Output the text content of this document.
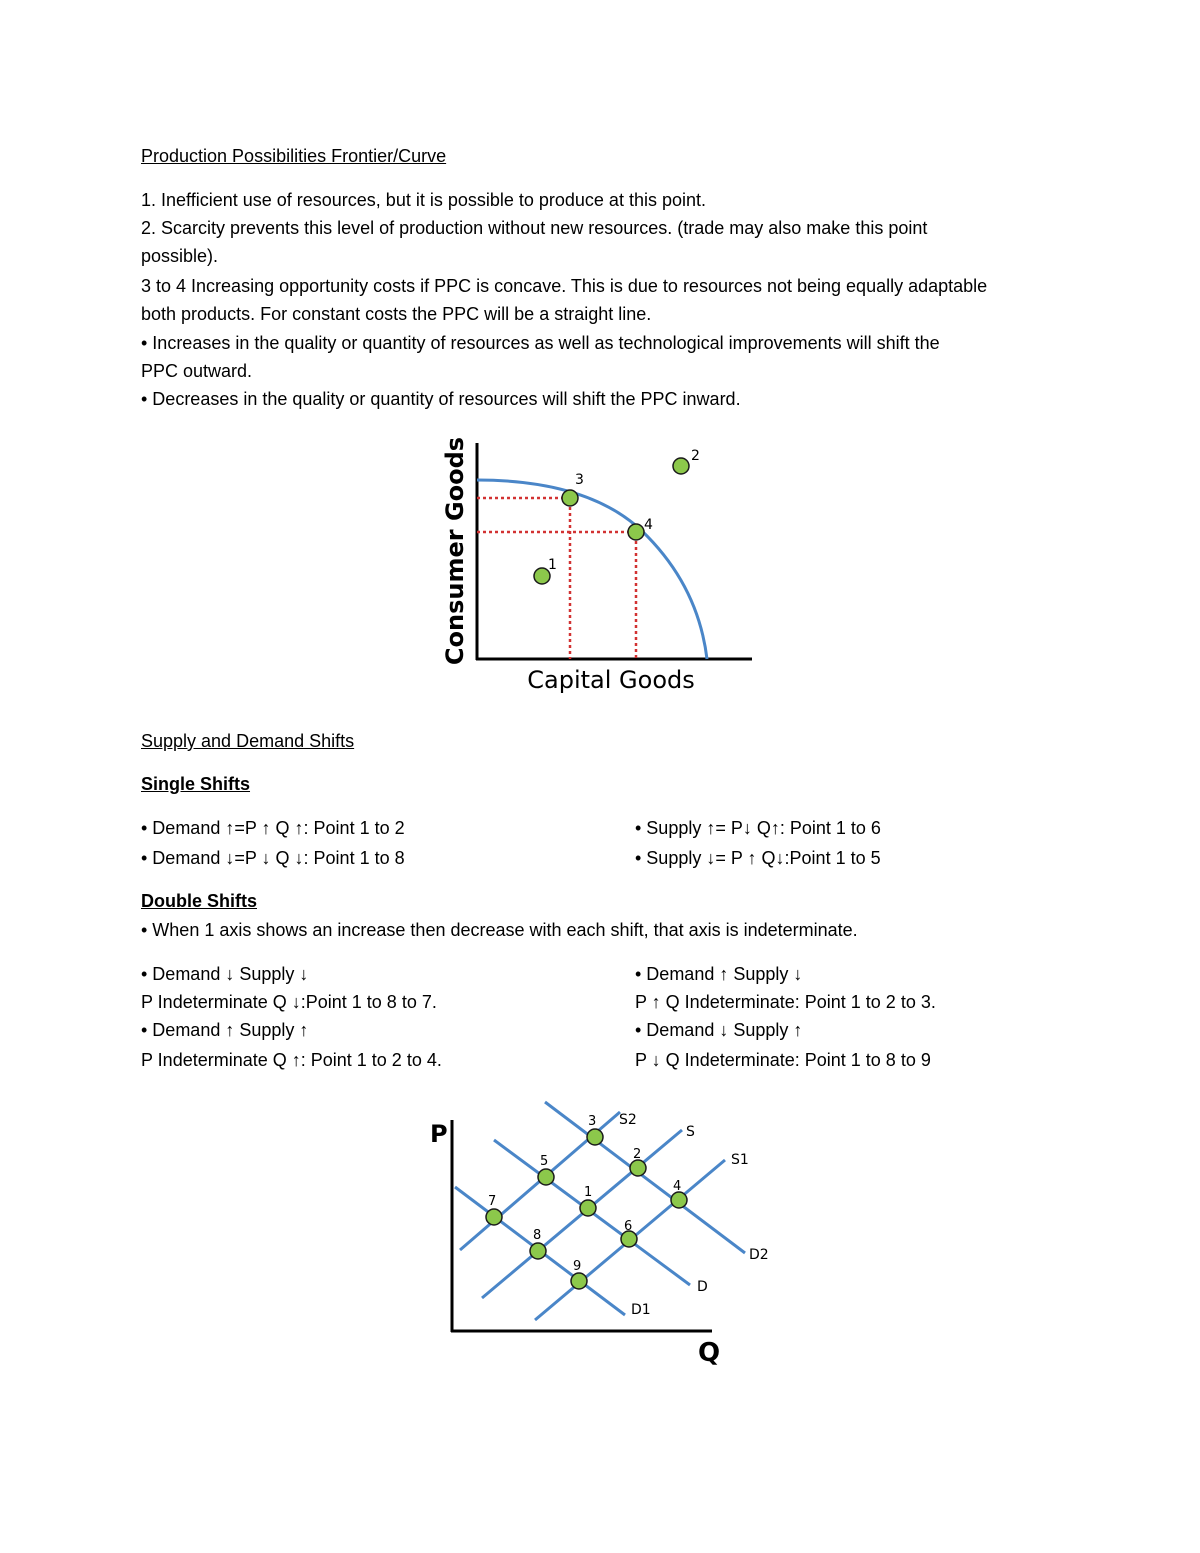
Production Possibilities Frontier/Curve
1. Inefficient use of resources, but it is possible to produce at this point.
2. Scarcity prevents this level of production without new resources. (trade may also make this point
possible).
3 to 4 Increasing opportunity costs if PPC is concave. This is due to resources not being equally adaptable
both products. For constant costs the PPC will be a straight line.
• Increases in the quality or quantity of resources as well as technological improvements will shift the
PPC outward.
• Decreases in the quality or quantity of resources will shift the PPC inward.
1
2
3
4
Consumer Goods
Capital Goods
Supply and Demand Shifts
Single Shifts
• Demand ↑=P ↑ Q ↑: Point 1 to 2
• Demand ↓=P ↓ Q ↓: Point 1 to 8
• Supply ↑= P↓ Q↑: Point 1 to 6
• Supply ↓= P ↑ Q↓:Point 1 to 5
Double Shifts
• When 1 axis shows an increase then decrease with each shift, that axis is indeterminate.
• Demand ↓ Supply ↓
P Indeterminate Q ↓:Point 1 to 8 to 7.
• Demand ↑ Supply ↑
P Indeterminate Q ↑: Point 1 to 2 to 4.
• Demand ↑ Supply ↓
P ↑ Q Indeterminate: Point 1 to 2 to 3.
• Demand ↓ Supply ↑
P ↓ Q Indeterminate: Point 1 to 8 to 9
P
Q
1
2
3
4
5
6
7
8
9
S2
S
S1
D2
D
D1
